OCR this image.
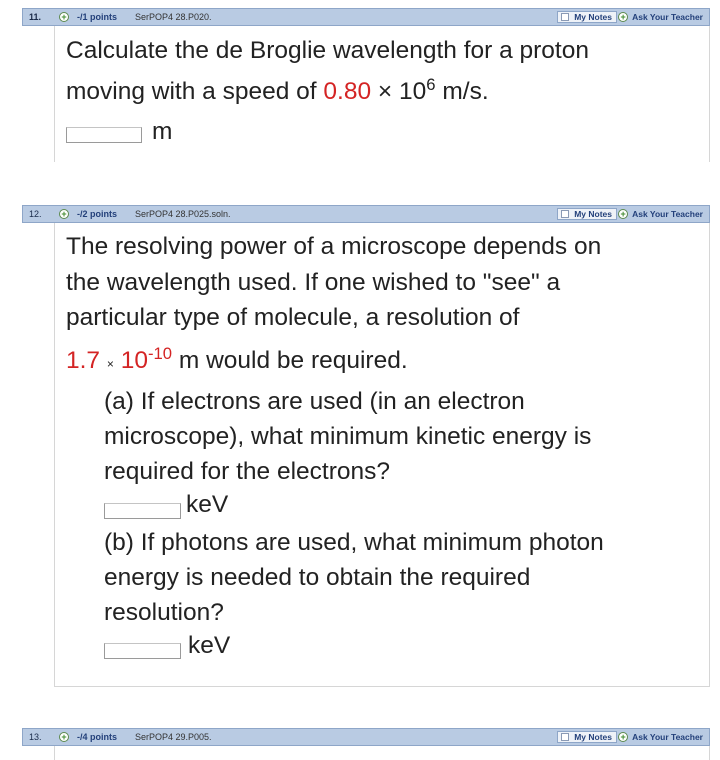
11. + -/1 points SerPOP4 28.P020.	My Notes + Ask Your Teacher
Calculate the de Broglie wavelength for a proton
moving with a speed of $0.80 \times 10^6$ m/s.
m
12. + -/2 points SerPOP4 28.P025.soln.	My Notes + Ask Your Teacher
The resolving power of a microscope depends on
the wavelength used. If one wished to "see" a
particular type of molecule, a resolution of
$1.7 \times 10^{-10}$ m would be required.
(a) If electrons are used (in an electron
microscope), what minimum kinetic energy is
required for the electrons?
keV
(b) If photons are used, what minimum photon
energy is needed to obtain the required
resolution?
keV
13. + -/4 points SerPOP4 29.P005.	My Notes + Ask Your Teacher
